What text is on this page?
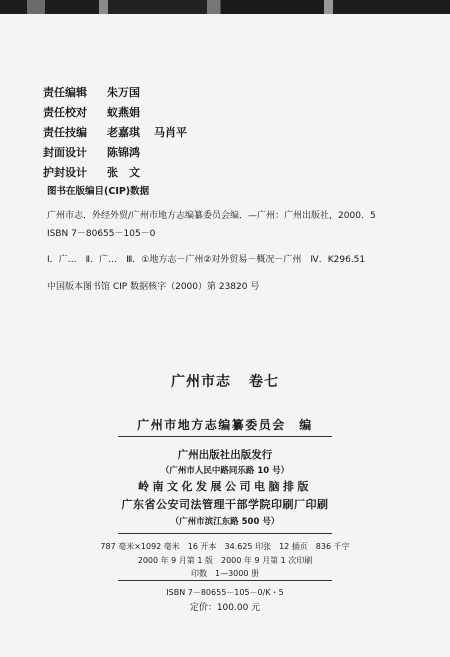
责任编辑	朱万国
责任校对	蚁燕娟
责任技编	老嘉琪 马肖平
封面设计	陈锦鸿
护封设计	张　文
图书在版编目(CIP)数据
广州市志．外经外贸/广州市地方志编纂委员会编．—广州：广州出版社，2000．5
ISBN 7－80655－105－0
Ⅰ．广…　Ⅱ．广…　Ⅲ．①地方志－广州②对外贸易－概况－广州　Ⅳ．K296.51
中国版本图书馆 CIP 数据核字（2000）第 23820 号
广州市志 卷七
广州市地方志编纂委员会　编
广州出版社出版发行
（广州市人民中路同乐路 10 号）
岭南文化发展公司电脑排版
广东省公安司法管理干部学院印刷厂印刷
（广州市滨江东路 500 号）
787 毫米×1092 毫米　16 开本　34.625 印张　12 插页　836 千字
2000 年 9 月第 1 版　2000 年 9 月第 1 次印刷
印数　1—3000 册
ISBN 7－80655－105－0/K・5
定价：100.00 元
